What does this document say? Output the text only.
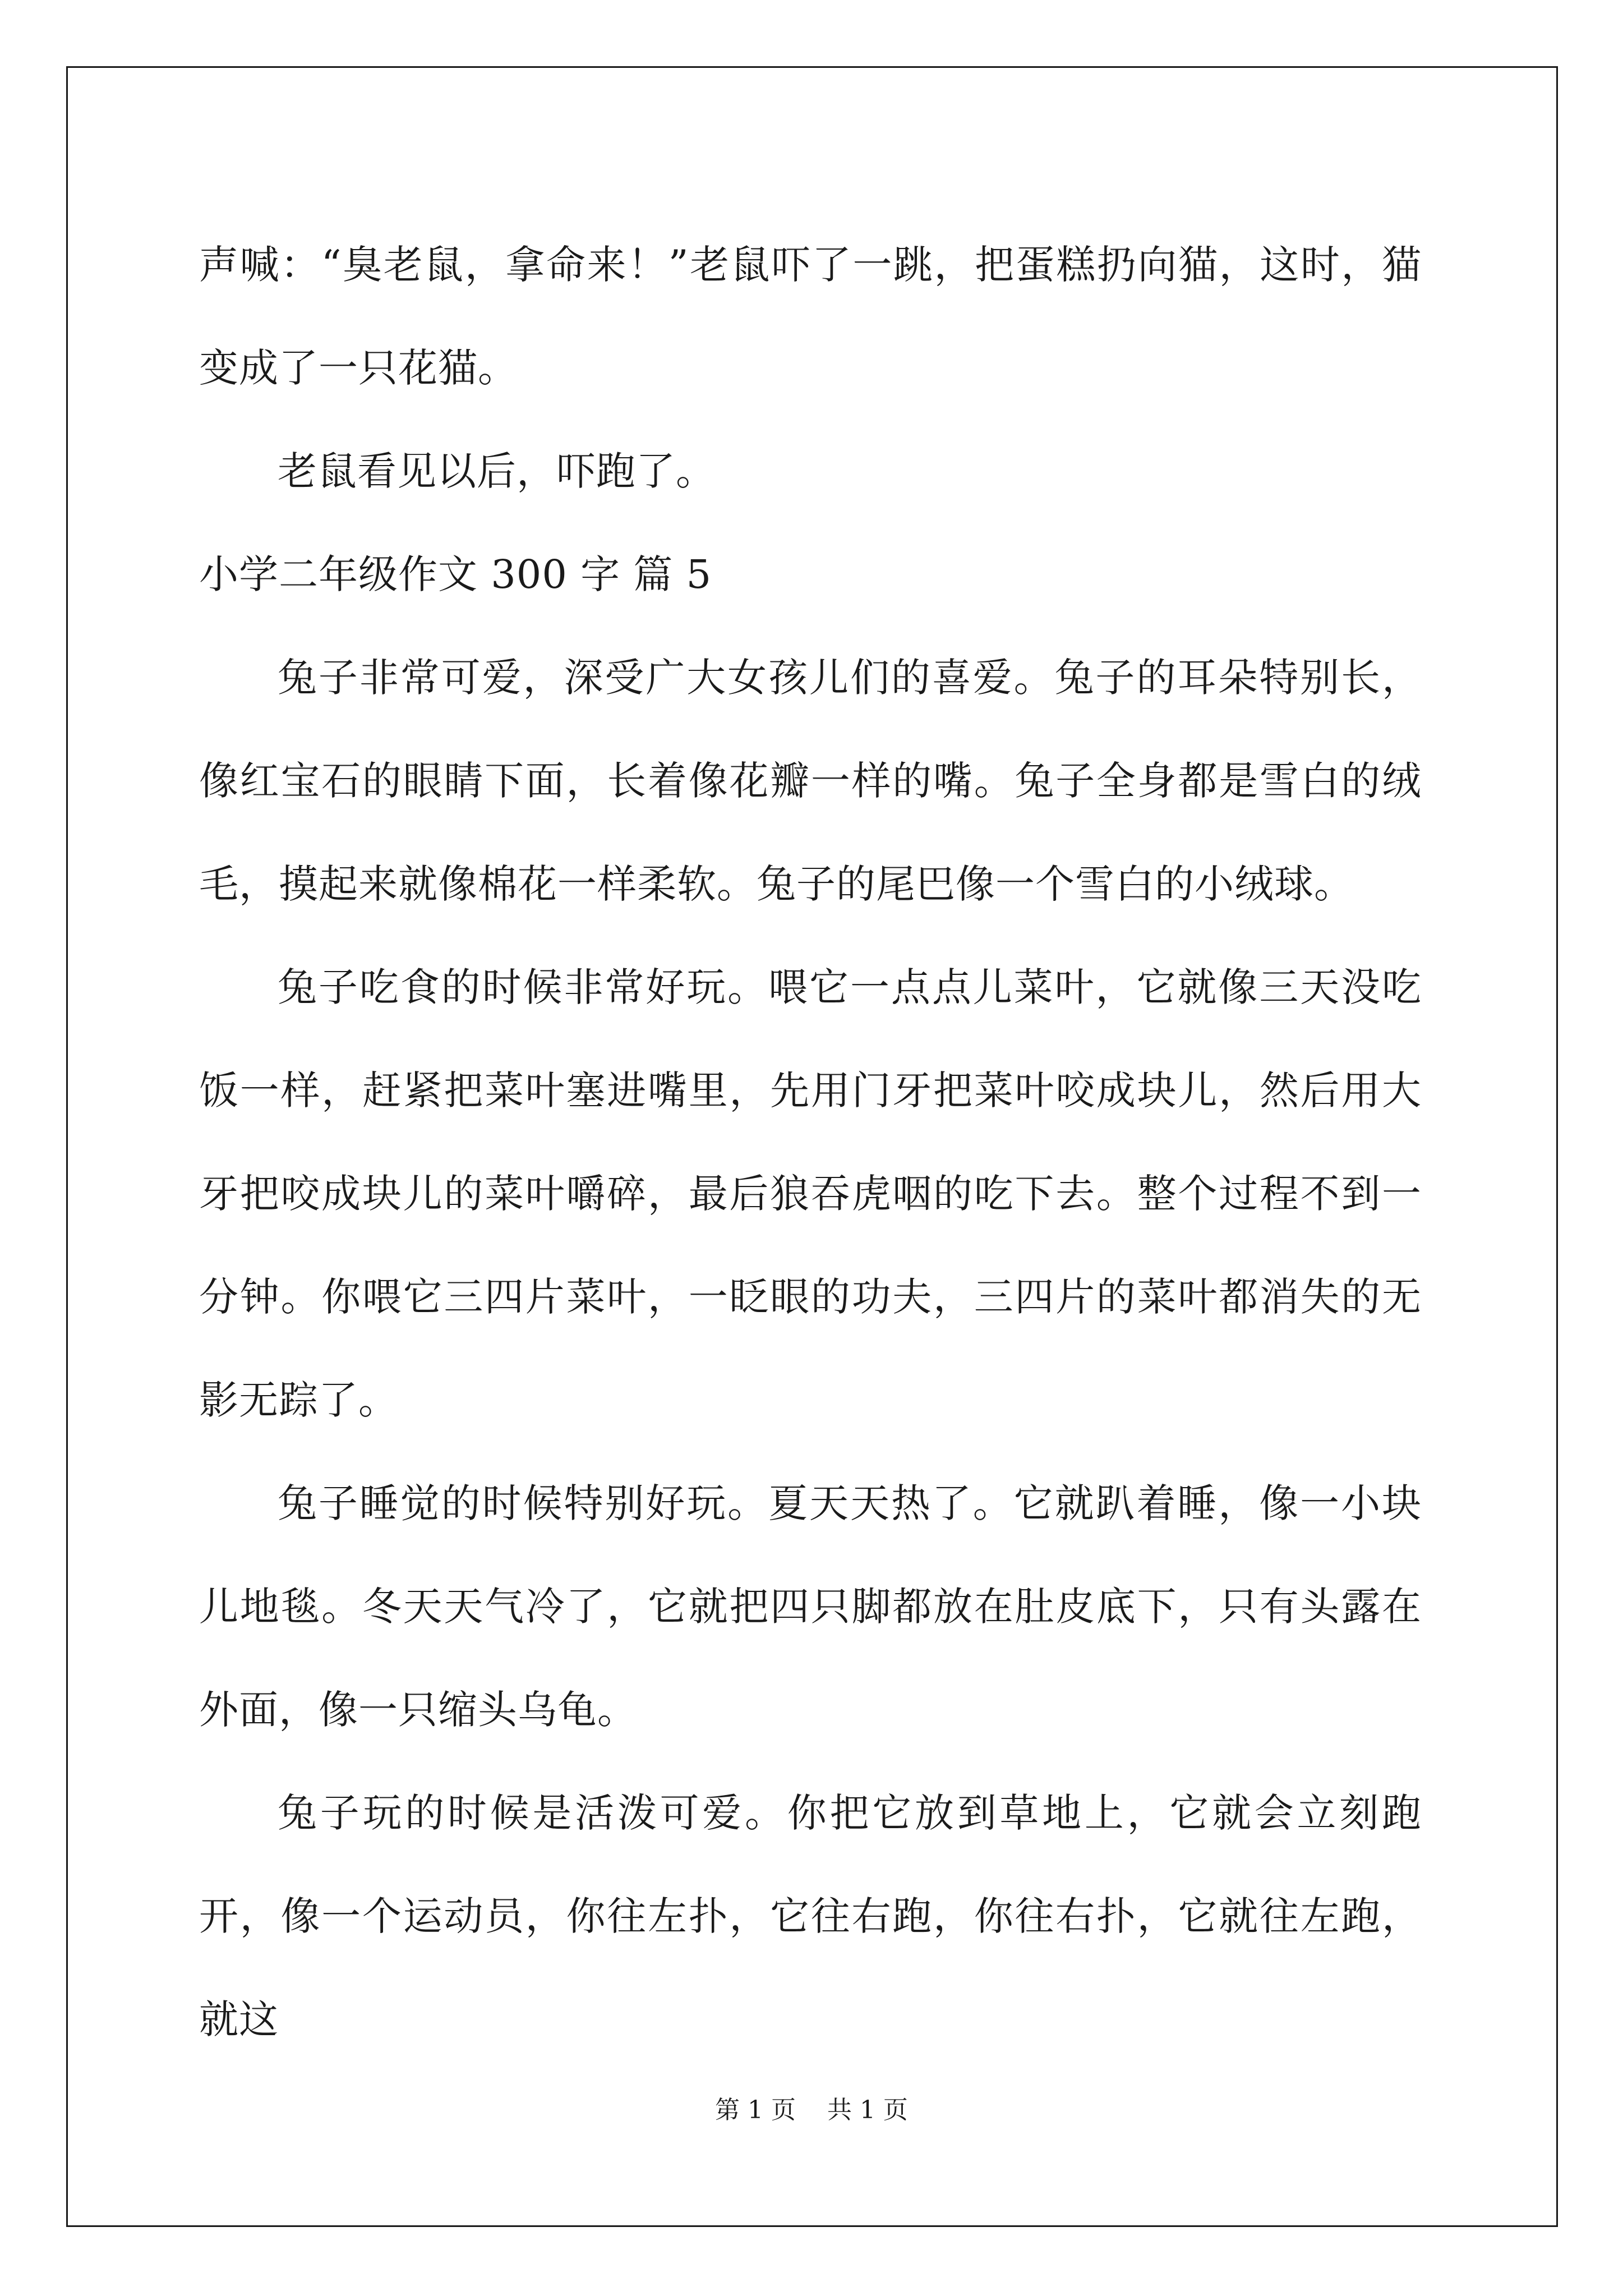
声喊：“臭老鼠，拿命来！”老鼠吓了一跳，把蛋糕扔向猫，这时，猫变成了一只花猫。

老鼠看见以后，吓跑了。

小学二年级作文 300 字 篇 5

兔子非常可爱，深受广大女孩儿们的喜爱。兔子的耳朵特别长，像红宝石的眼睛下面，长着像花瓣一样的嘴。兔子全身都是雪白的绒毛，摸起来就像棉花一样柔软。兔子的尾巴像一个雪白的小绒球。

兔子吃食的时候非常好玩。喂它一点点儿菜叶，它就像三天没吃饭一样，赶紧把菜叶塞进嘴里，先用门牙把菜叶咬成块儿，然后用大牙把咬成块儿的菜叶嚼碎，最后狼吞虎咽的吃下去。整个过程不到一分钟。你喂它三四片菜叶，一眨眼的功夫，三四片的菜叶都消失的无影无踪了。

兔子睡觉的时候特别好玩。夏天天热了。它就趴着睡，像一小块儿地毯。冬天天气冷了，它就把四只脚都放在肚皮底下，只有头露在外面，像一只缩头乌龟。

兔子玩的时候是活泼可爱。你把它放到草地上，它就会立刻跑开，像一个运动员，你往左扑，它往右跑，你往右扑，它就往左跑，就这

第 1 页 共 1 页
